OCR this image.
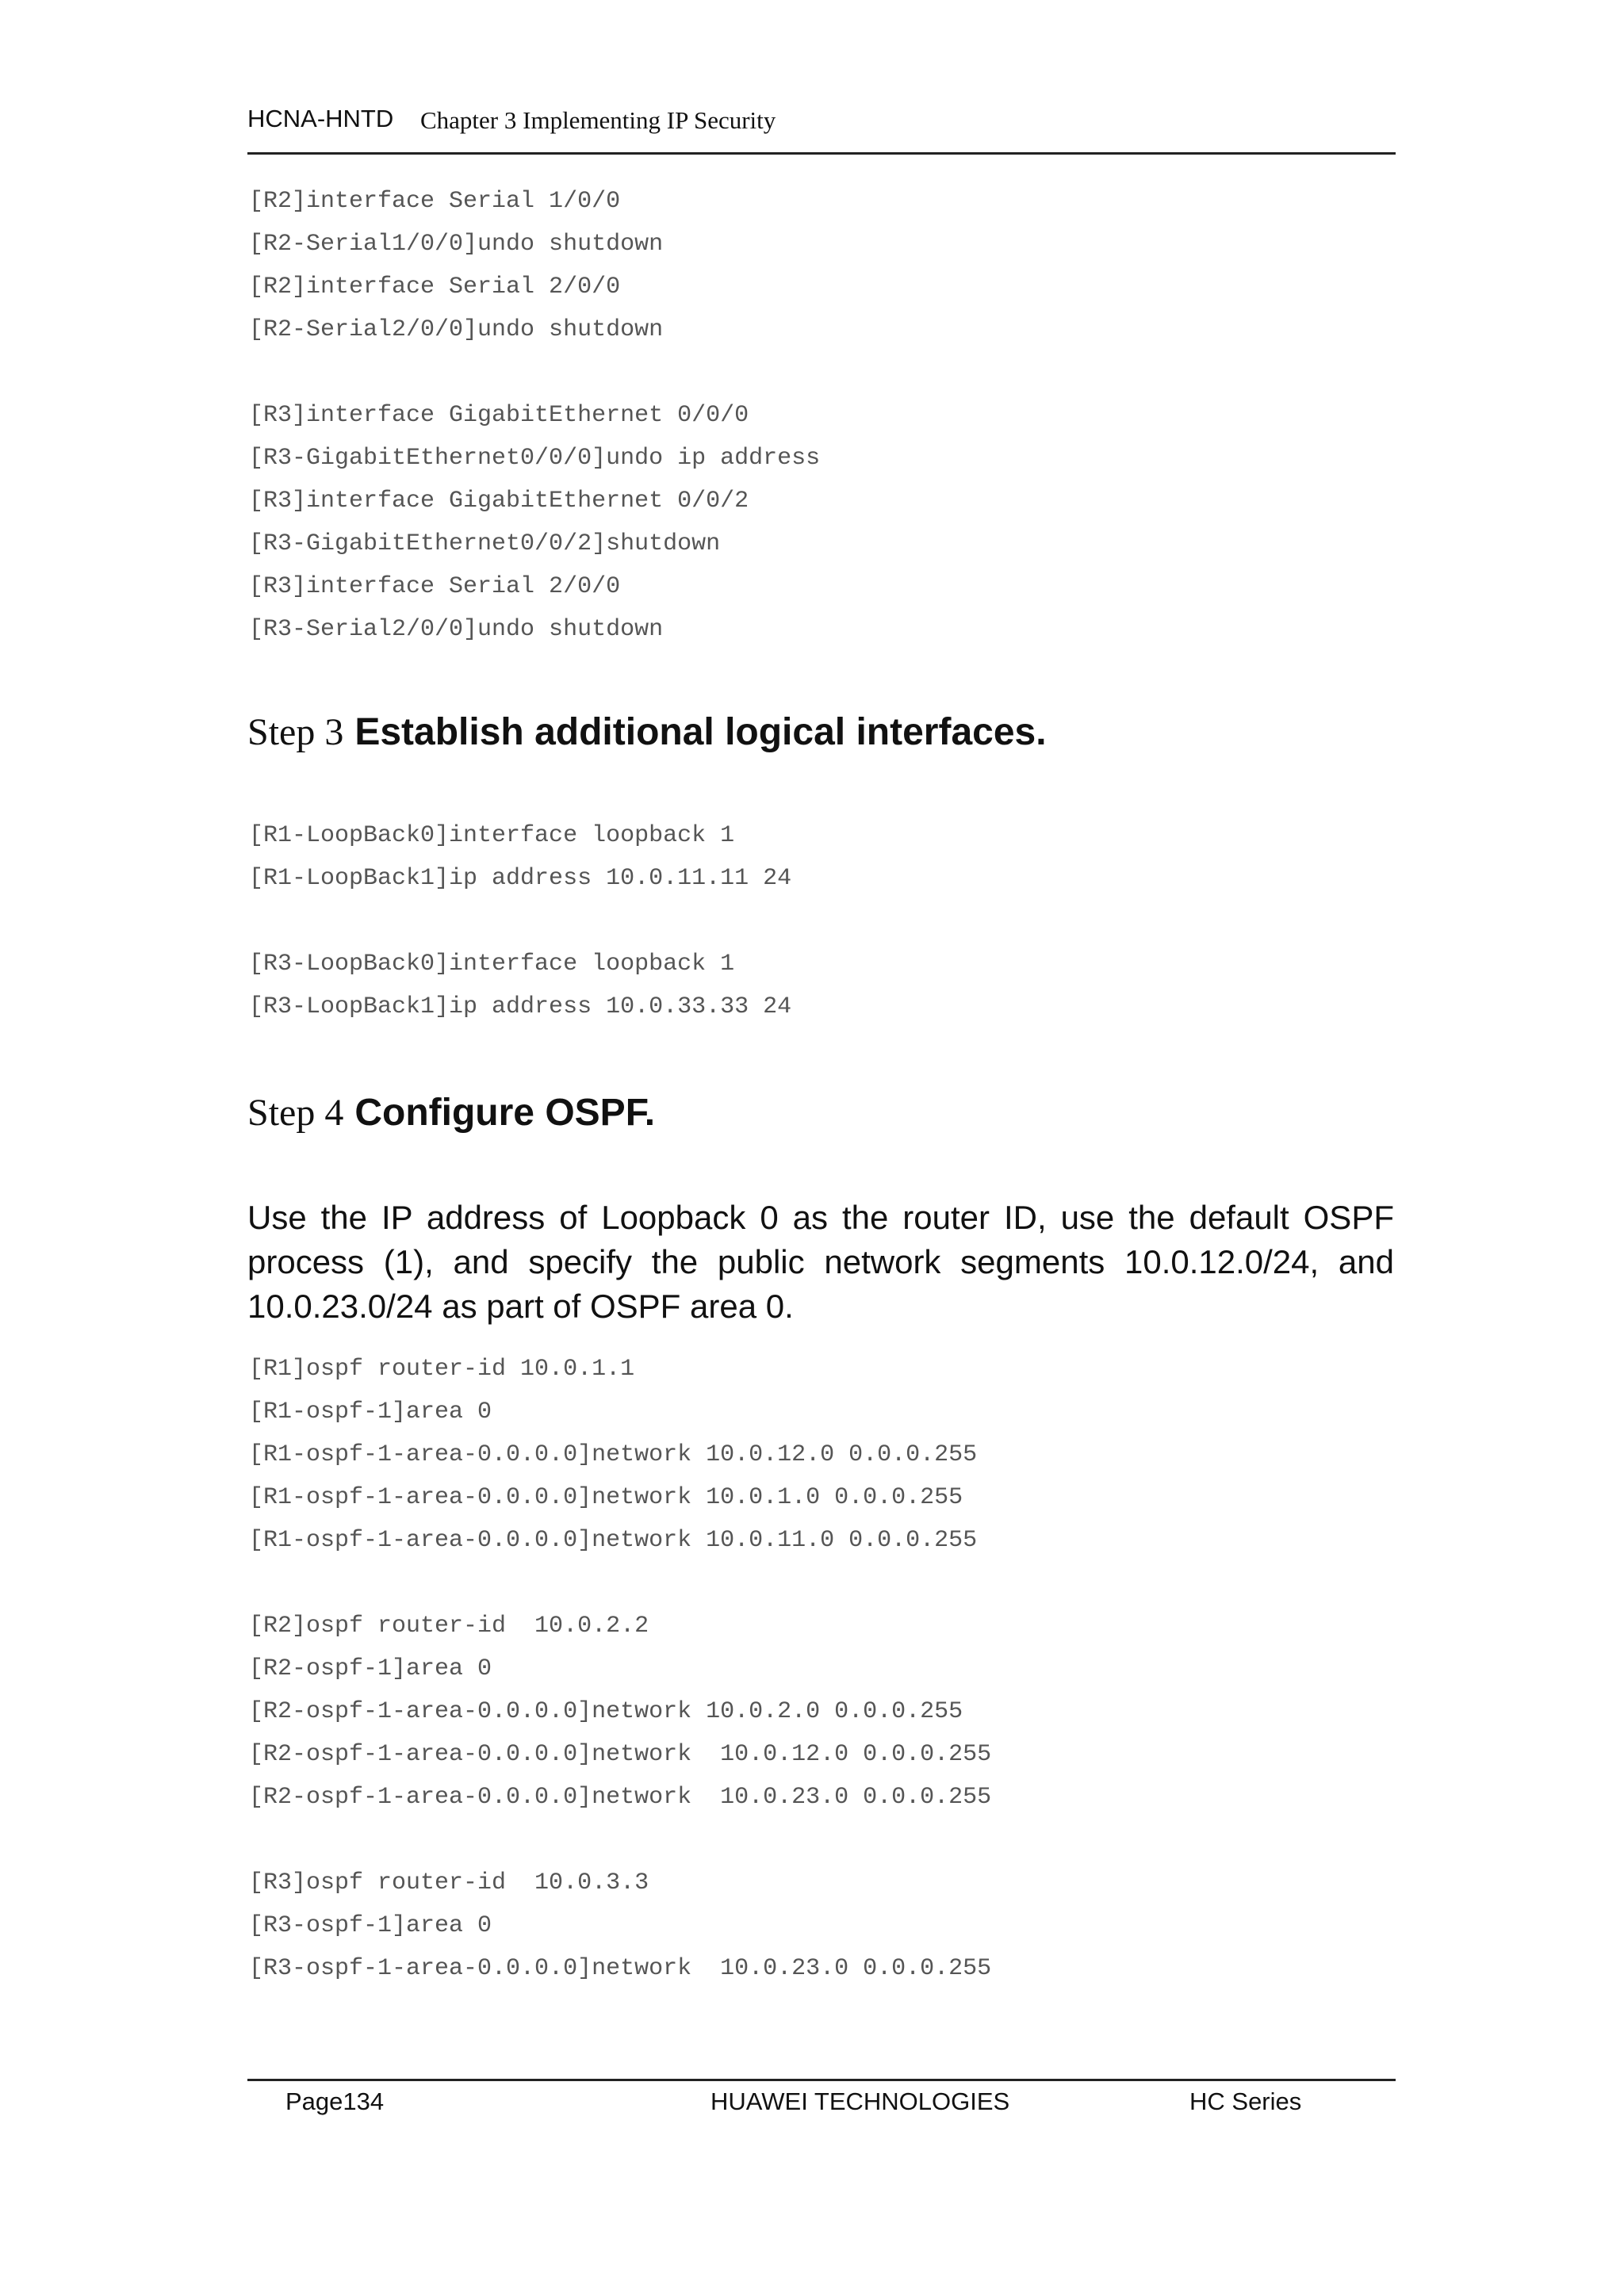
HCNA-HNTD Chapter 3 Implementing IP Security
[R2]interface Serial 1/0/0
[R2-Serial1/0/0]undo shutdown
[R2]interface Serial 2/0/0
[R2-Serial2/0/0]undo shutdown
[R3]interface GigabitEthernet 0/0/0
[R3-GigabitEthernet0/0/0]undo ip address
[R3]interface GigabitEthernet 0/0/2
[R3-GigabitEthernet0/0/2]shutdown
[R3]interface Serial 2/0/0
[R3-Serial2/0/0]undo shutdown
Step 3 Establish additional logical interfaces.
[R1-LoopBack0]interface loopback 1
[R1-LoopBack1]ip address 10.0.11.11 24
[R3-LoopBack0]interface loopback 1
[R3-LoopBack1]ip address 10.0.33.33 24
Step 4 Configure OSPF.

Use the IP address of Loopback 0 as the router ID, use the default OSPF process (1), and specify the public network segments 10.0.12.0/24, and 10.0.23.0/24 as part of OSPF area 0.

[R1]ospf router-id 10.0.1.1
[R1-ospf-1]area 0
[R1-ospf-1-area-0.0.0.0]network 10.0.12.0 0.0.0.255
[R1-ospf-1-area-0.0.0.0]network 10.0.1.0 0.0.0.255
[R1-ospf-1-area-0.0.0.0]network 10.0.11.0 0.0.0.255
[R2]ospf router-id  10.0.2.2
[R2-ospf-1]area 0
[R2-ospf-1-area-0.0.0.0]network 10.0.2.0 0.0.0.255
[R2-ospf-1-area-0.0.0.0]network  10.0.12.0 0.0.0.255
[R2-ospf-1-area-0.0.0.0]network  10.0.23.0 0.0.0.255
[R3]ospf router-id  10.0.3.3
[R3-ospf-1]area 0
[R3-ospf-1-area-0.0.0.0]network  10.0.23.0 0.0.0.255
Page134	HUAWEI TECHNOLOGIES	HC Series
